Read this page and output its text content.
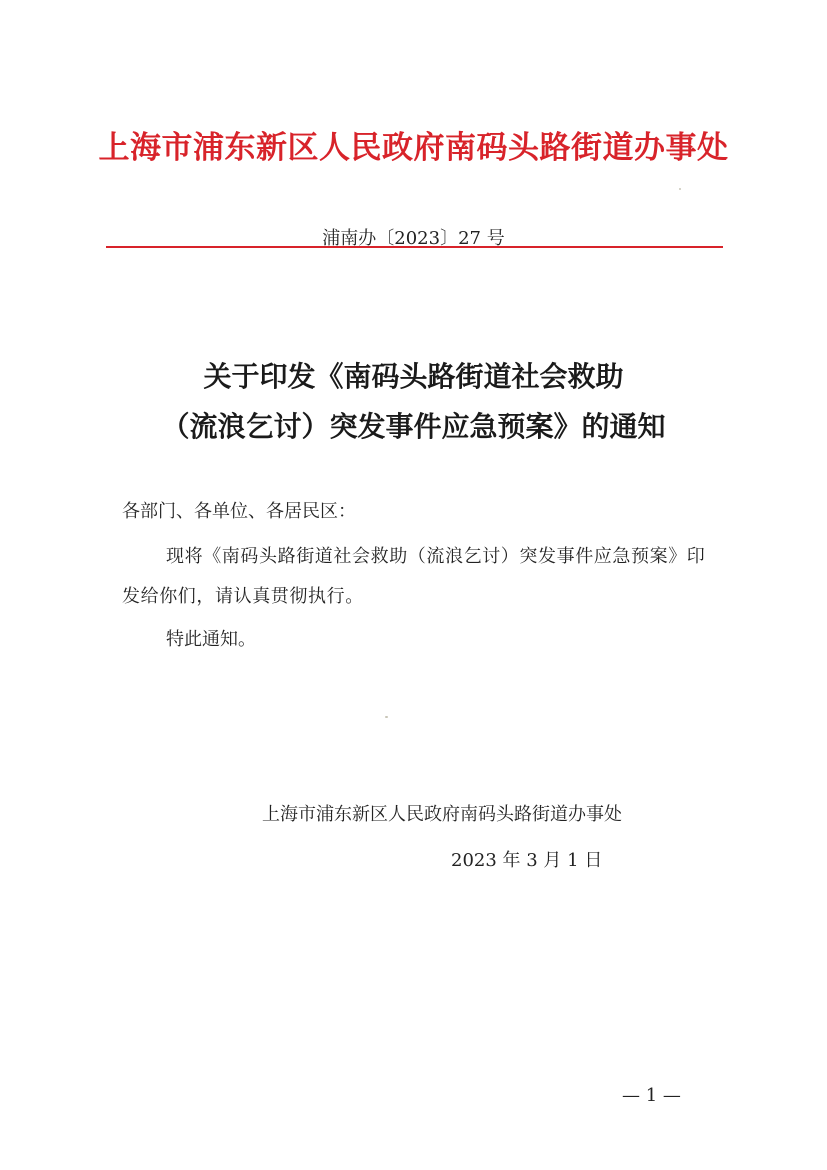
上海市浦东新区人民政府南码头路街道办事处
浦南办〔2023〕27 号
关于印发《南码头路街道社会救助
（流浪乞讨）突发事件应急预案》的通知
各部门、各单位、各居民区：
现将《南码头路街道社会救助（流浪乞讨）突发事件应急预案》印发给你们，请认真贯彻执行。
特此通知。
上海市浦东新区人民政府南码头路街道办事处
2023 年 3 月 1 日
— 1 —
